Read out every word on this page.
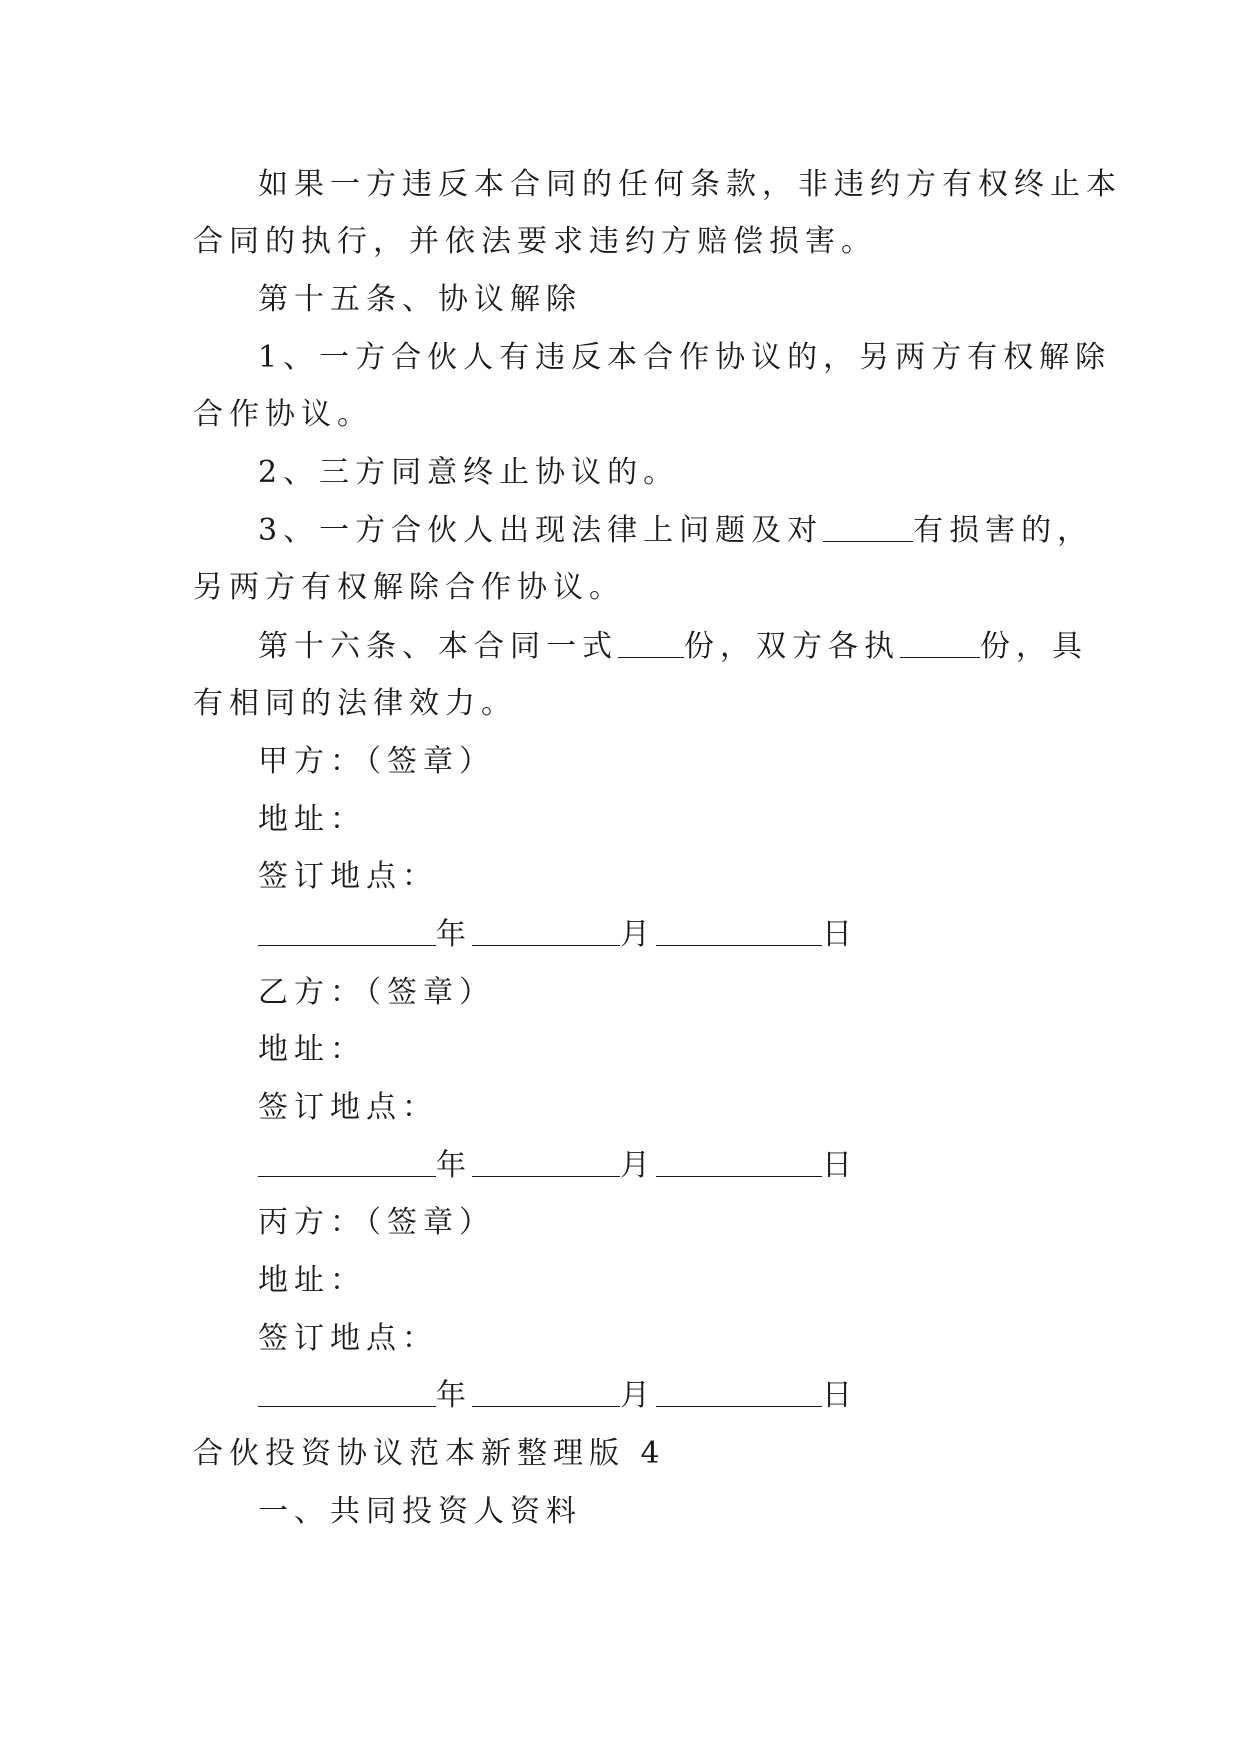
如果一方违反本合同的任何条款，非违约方有权终止本
合同的执行，并依法要求违约方赔偿损害。
第十五条、协议解除
1、一方合伙人有违反本合作协议的，另两方有权解除
合作协议。
2、三方同意终止协议的。
3、一方合伙人出现法律上问题及对	有损害的，
另两方有权解除合作协议。
第十六条、本合同一式 份，双方各执	份，具
有相同的法律效力。
甲方：（签章）
地址：
签订地点：
年	月	日
乙方：（签章）
地址：
签订地点：
年	月	日
丙方：（签章）
地址：
签订地点：
年	月	日
合伙投资协议范本新整理版 4
一、共同投资人资料
